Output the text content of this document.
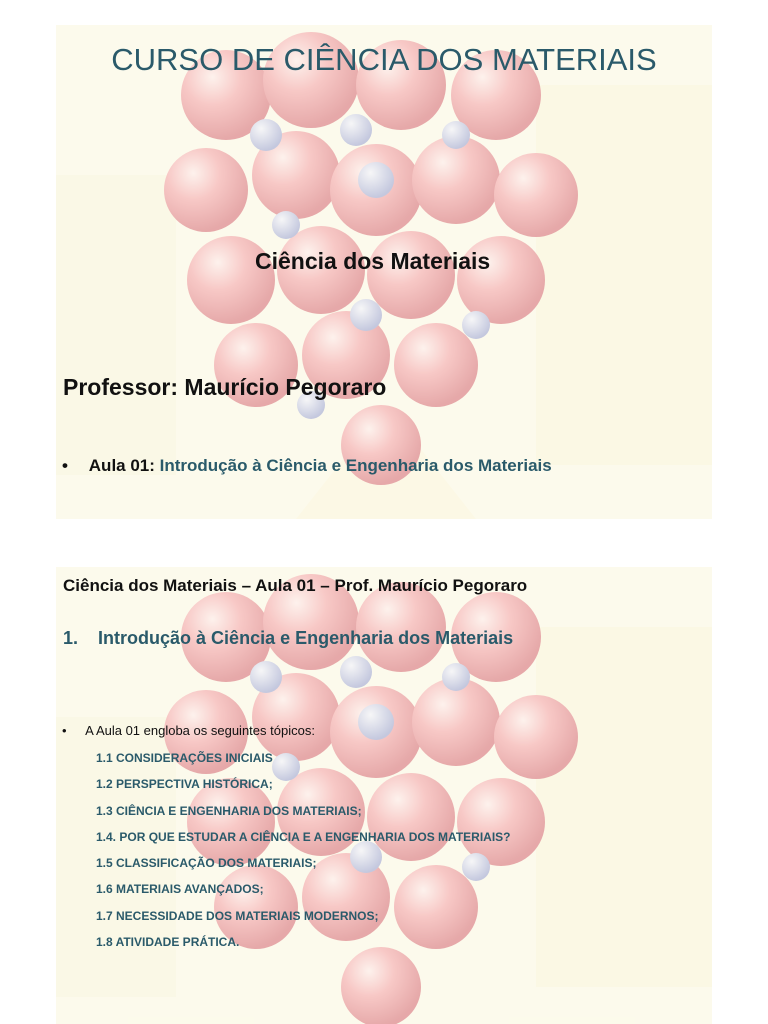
CURSO DE CIÊNCIA DOS MATERIAIS
Ciência dos Materiais
Professor: Maurício Pegoraro
• Aula 01: Introdução à Ciência e Engenharia dos Materiais
Ciência dos Materiais – Aula 01 – Prof. Maurício Pegoraro
1. Introdução à Ciência e Engenharia dos Materiais
• A Aula 01 engloba os seguintes tópicos:
1.1 CONSIDERAÇÕES INICIAIS
1.2 PERSPECTIVA HISTÓRICA;
1.3 CIÊNCIA E ENGENHARIA DOS MATERIAIS;
1.4. POR QUE ESTUDAR A CIÊNCIA E A ENGENHARIA DOS MATERIAIS?
1.5 CLASSIFICAÇÃO DOS MATERIAIS;
1.6 MATERIAIS AVANÇADOS;
1.7 NECESSIDADE DOS MATERIAIS MODERNOS;
1.8 ATIVIDADE PRÁTICA.
